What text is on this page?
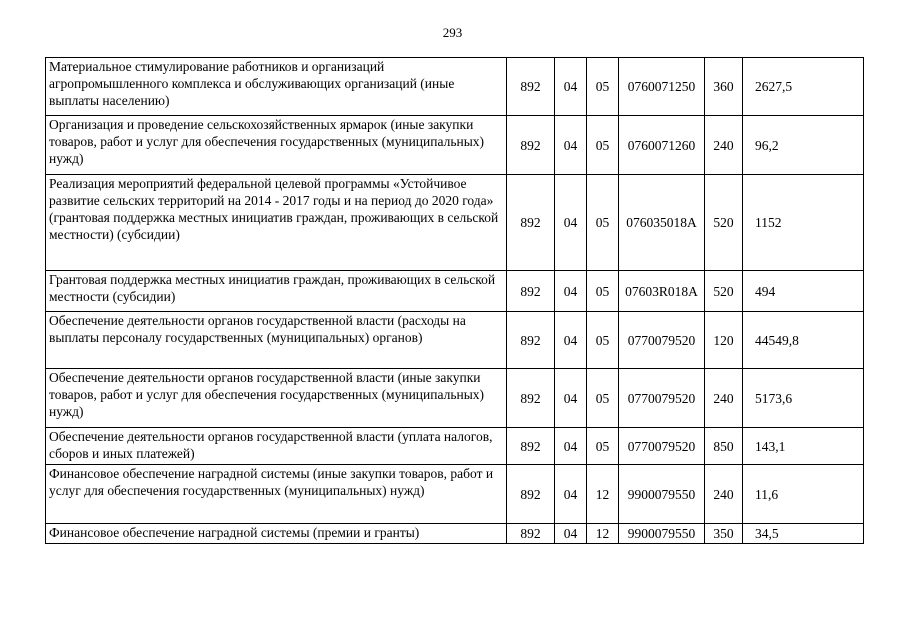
293
Материальное стимулирование работников и организаций агропромышленного комплекса и обслуживающих организаций (иные выплаты населению)	892	04	05	0760071250	360	2627,5
Организация и проведение сельскохозяйственных ярмарок (иные закупки товаров, работ и услуг для обеспечения государственных (муниципальных) нужд)	892	04	05	0760071260	240	96,2
Реализация мероприятий федеральной целевой программы «Устойчивое развитие сельских территорий на 2014 - 2017 годы и на период до 2020 года» (грантовая поддержка местных инициатив граждан, проживающих в сельской местности) (субсидии)	892	04	05	076035018А	520	1152
Грантовая поддержка местных инициатив граждан, проживающих в сельской местности (субсидии)	892	04	05	07603R018А	520	494
Обеспечение деятельности органов государственной власти (расходы на выплаты персоналу государственных (муниципальных) органов)	892	04	05	0770079520	120	44549,8
Обеспечение деятельности органов государственной власти (иные закупки товаров, работ и услуг для обеспечения государственных (муниципальных) нужд)	892	04	05	0770079520	240	5173,6
Обеспечение деятельности органов государственной власти (уплата налогов, сборов и иных платежей)	892	04	05	0770079520	850	143,1
Финансовое обеспечение наградной системы (иные закупки товаров, работ и услуг для обеспечения государственных (муниципальных) нужд)	892	04	12	9900079550	240	11,6
Финансовое обеспечение наградной системы (премии и гранты)	892	04	12	9900079550	350	34,5
